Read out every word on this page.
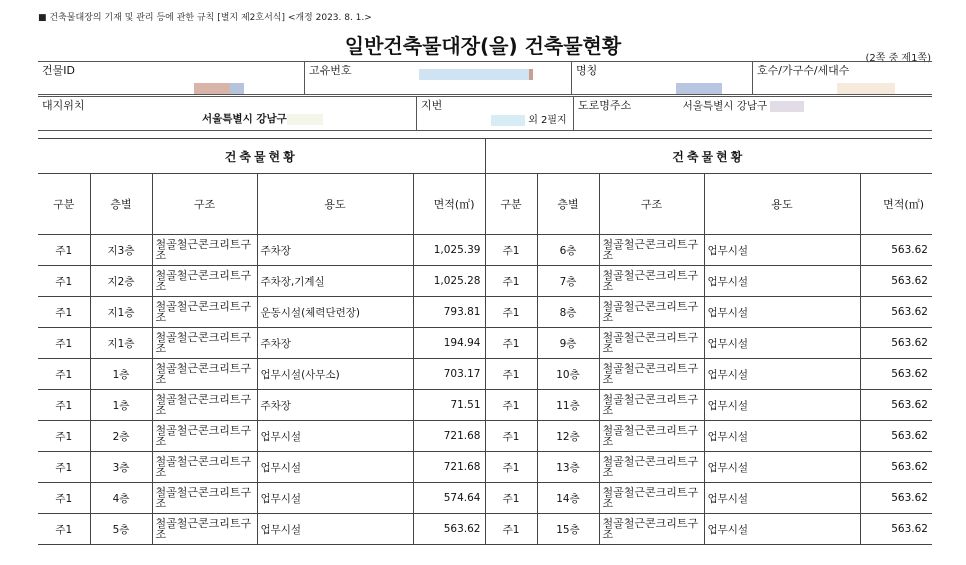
■ 건축물대장의 기재 및 관리 등에 관한 규칙 [별지 제2호서식] <개정 2023. 8. 1.>
일반건축물대장(을) 건축물현황
(2쪽 중 제1쪽)
건물ID	고유번호	명칭	호수/가구수/세대수
대지위치
서울특별시 강남구
	지번
외 2필지
	도로명주소	서울특별시 강남구
건축물현황					건축물현황				
구분	층별	구조	용도	면적(㎡)	구분	층별	구조	용도	면적(㎡)
주1	지3층	철골철근콘크리트구조	주차장	1,025.39	주1	6층	철골철근콘크리트구조	업무시설	563.62
주1	지2층	철골철근콘크리트구조	주차장,기계실	1,025.28	주1	7층	철골철근콘크리트구조	업무시설	563.62
주1	지1층	철골철근콘크리트구조	운동시설(체력단련장)	793.81	주1	8층	철골철근콘크리트구조	업무시설	563.62
주1	지1층	철골철근콘크리트구조	주차장	194.94	주1	9층	철골철근콘크리트구조	업무시설	563.62
주1	1층	철골철근콘크리트구조	업무시설(사무소)	703.17	주1	10층	철골철근콘크리트구조	업무시설	563.62
주1	1층	철골철근콘크리트구조	주차장	71.51	주1	11층	철골철근콘크리트구조	업무시설	563.62
주1	2층	철골철근콘크리트구조	업무시설	721.68	주1	12층	철골철근콘크리트구조	업무시설	563.62
주1	3층	철골철근콘크리트구조	업무시설	721.68	주1	13층	철골철근콘크리트구조	업무시설	563.62
주1	4층	철골철근콘크리트구조	업무시설	574.64	주1	14층	철골철근콘크리트구조	업무시설	563.62
주1	5층	철골철근콘크리트구조	업무시설	563.62	주1	15층	철골철근콘크리트구조	업무시설	563.62
